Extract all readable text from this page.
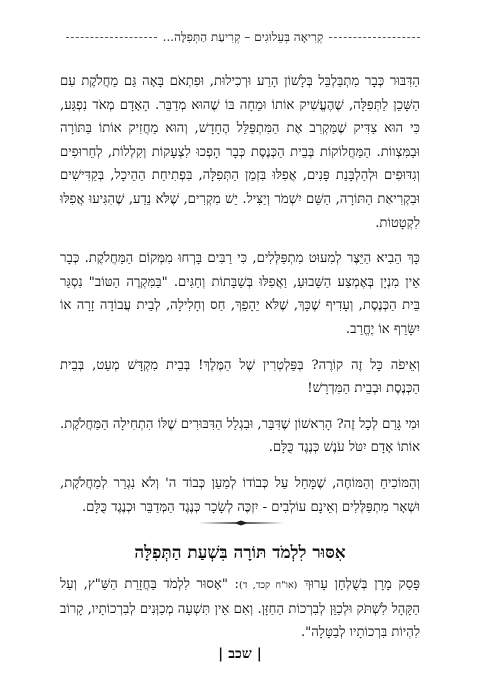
קְרִיאָה בְּעֵלוּגִים – קְרִיעַת הַתְּפִלָּה...

הַדִּבּוּר כְּבָר מִתְבַּלְבֵּל בְּלָשׁוֹן הָרַע וּרְכִילוּת, וּפִתְאֹם בָּאָה גַּם מַחֲלֹקֶת עִם הַשָּׁכֵן לַתְּפִלָּה, שֶׁהֶעֱשִׁיק אוֹתוֹ וּמֵחָה בּוֹ שֶׁהוּא מְדַבֵּר. הָאָדָם מְאֹד נִפְגַּע, כִּי הוּא צַדִּיק שֶׁמַּקְרִב אֶת הַמִּתְפַּלֵּל הֶחָדָשׁ, וְהוּא מַחֲזִיק אוֹתוֹ בַּתּוֹרָה וּבַמִּצְווֹת. הַמַּחֲלוֹקוֹת בְּבֵית הַכְּנֶסֶת כְּבָר הָפְכוּ לִצְעָקוֹת וְקִלְלוֹת, לְחֵרוּפִים וְגִדּוּפִים וּלְהַלְבָּנַת פָּנִים, אֲפִלּוּ בִּזְמַן הַתְּפִלָּה, בִּפְתִיחַת הַהֵיכָל, בְּקַדִּישִׁים וּבִקְרִיאַת הַתּוֹרָה, הַשֵּׁם יִשְׁמֹר וְיַצִּיל. יֵשׁ מִקְרִים, שֶׁלֹּא נֵדַע, שֶׁהִגִּיעוּ אֲפִלּוּ לִקְטָטוֹת.

כָּךְ הֵבִיא הַיֵּצֶר לְמִעוּט מִתְפַּלְּלִים, כִּי רַבִּים בָּרְחוּ מִמְּקוֹם הַמַּחֲלֹקֶת. כְּבָר אֵין מִנְיָן בְּאֶמְצַע הַשָּׁבוּעַ, וַאֲפִלּוּ בְּשַׁבָּתוֹת וְחַגִּים. "בַּמִּקְרֶה הַטּוֹב" נִסְגַּר בֵּית הַכְּנֶסֶת, וְעָדִיף שֶׁכָּךְ, שֶׁלֹּא יֵהָפֵךְ, חַס וְחָלִילָה, לְבֵית עֲבוֹדָה זָרָה אוֹ יִשָּׂרֵף אוֹ יֶחֱרַב.

וְאֵיפֹה כָּל זֶה קוֹרֶה? בְּפַּלְטְרִין שֶׁל הַמֶּלֶךְ! בְּבֵית מִקְדָּשׁ מְעַט, בְּבֵית הַכְּנֶסֶת וּבְבֵית הַמִּדְרָשׁ!

וּמִי גָּרַם לְכָל זֶה? הָרִאשׁוֹן שֶׁדִּבֵּר, וּבִגְלַל הַדִּבּוּרִים שֶׁלּוֹ הִתְחִילָה הַמַּחֲלֹקֶת. אוֹתוֹ אָדָם יִטֹּל עֹנֶשׁ כְּנֶגֶד כֻּלָּם.

וְהַמּוֹכִיחַ וְהַמּוֹחֶה, שֶׁמָּחַל עַל כְּבוֹדוֹ לְמַעַן כְּבוֹד ה' וְלֹא נִגְרַר לְמַחֲלֹקֶת, וּשְׁאָר מִתְפַּלְּלִים וְאֵינָם עוֹלְבִים - יִזְכֶּה לְשָׂכָר כְּנֶגֶד הַמְּדַבֵּר וּכְנֶגֶד כֻּלָּם.

אִסּוּר לִלְמֹד תּוֹרָה בִּשְׁעַת הַתְּפִלָּה
פָּסַק מָרָן בְּשֻׁלְחָן עָרוּךְ (או"ח קכד, ד): "אָסוּר לִלְמֹד בַּחֲזָרַת הַשַּׁ"ץ, וְעַל הַקָּהָל לִשְׁתֹּק וּלְכַוֵּן לְבִרְכוֹת הַחַזָּן. וְאִם אֵין תִּשְׁעָה מְכַוְּנִים לְבִרְכוֹתָיו, קָרוֹב לִהְיוֹת בִּרְכוֹתָיו לְבַטָּלָה".
|שכב|
